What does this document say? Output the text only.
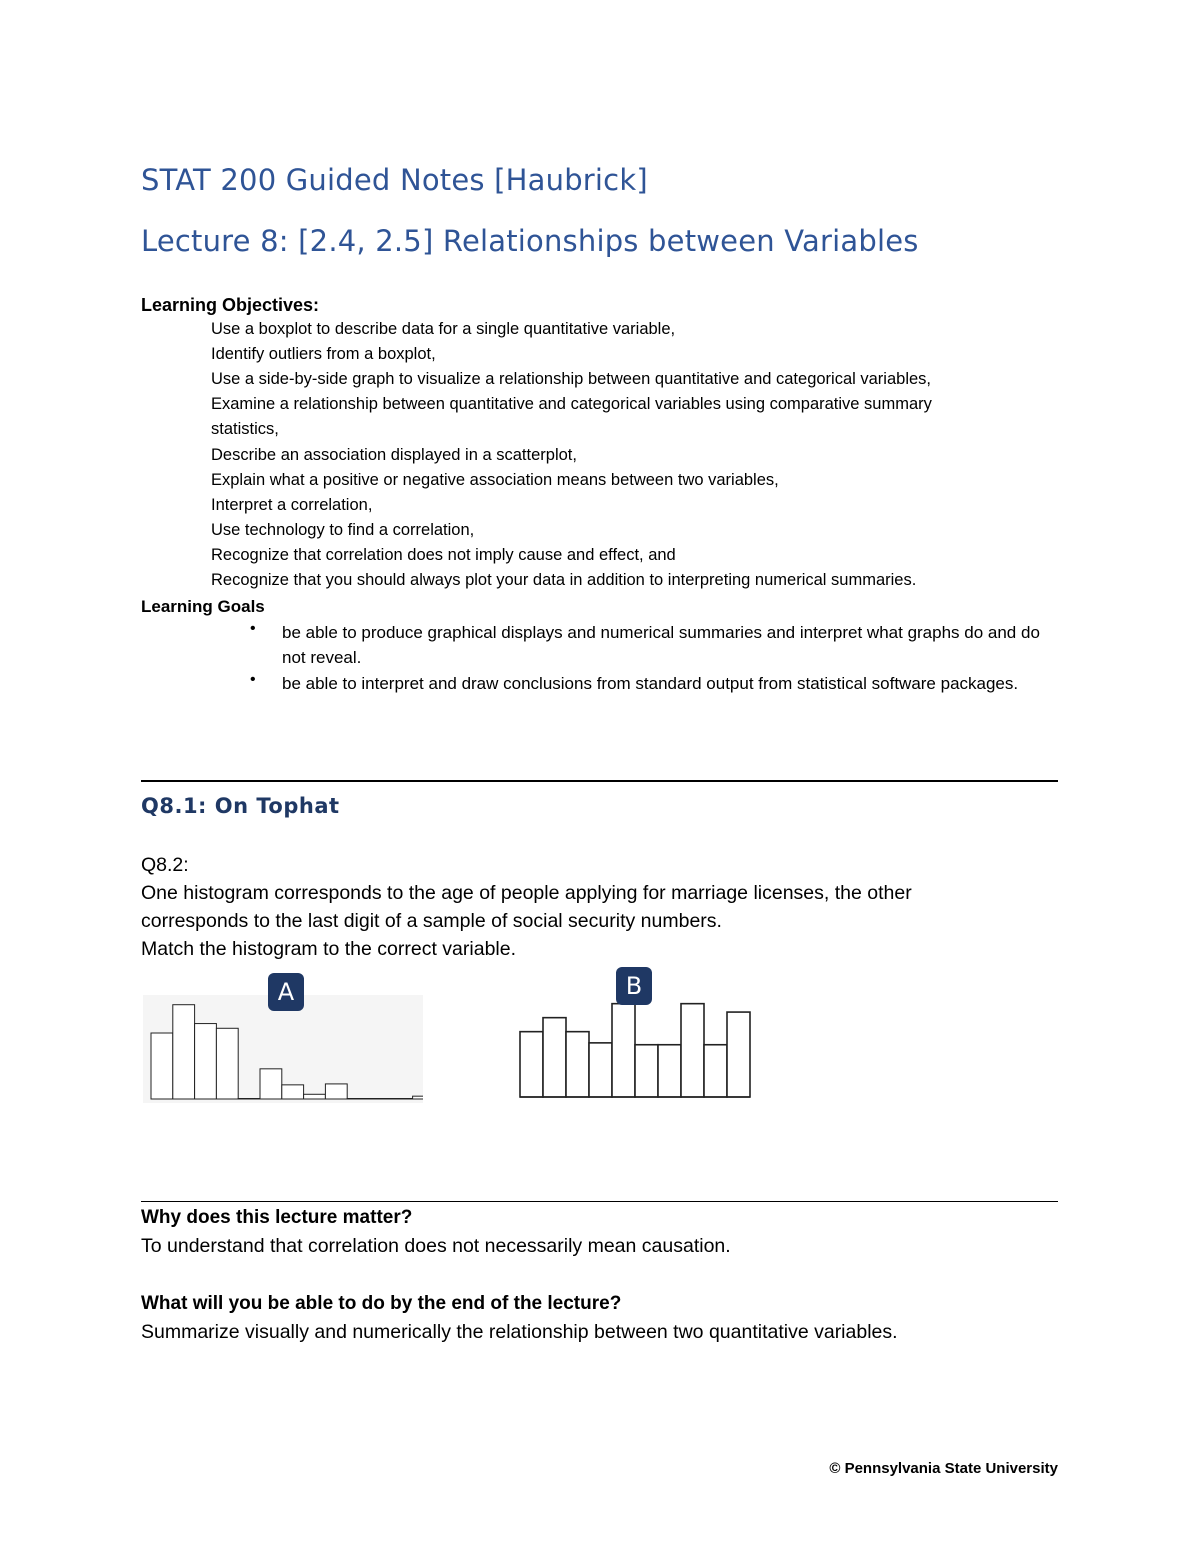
STAT 200 Guided Notes [Haubrick]
Lecture 8: [2.4, 2.5] Relationships between Variables
Learning Objectives:
Use a boxplot to describe data for a single quantitative variable,
Identify outliers from a boxplot,
Use a side-by-side graph to visualize a relationship between quantitative and categorical variables,
Examine a relationship between quantitative and categorical variables using comparative summary
statistics,
Describe an association displayed in a scatterplot,
Explain what a positive or negative association means between two variables,
Interpret a correlation,
Use technology to find a correlation,
Recognize that correlation does not imply cause and effect, and
Recognize that you should always plot your data in addition to interpreting numerical summaries.
Learning Goals
• be able to produce graphical displays and numerical summaries and interpret what graphs do and do not reveal.
• be able to interpret and draw conclusions from standard output from statistical software packages.
Q8.1: On Tophat
Q8.2:
One histogram corresponds to the age of people applying for marriage licenses, the other
corresponds to the last digit of a sample of social security numbers.
Match the histogram to the correct variable.
A	B
Why does this lecture matter?
To understand that correlation does not necessarily mean causation.
What will you be able to do by the end of the lecture?
Summarize visually and numerically the relationship between two quantitative variables.
© Pennsylvania State University
